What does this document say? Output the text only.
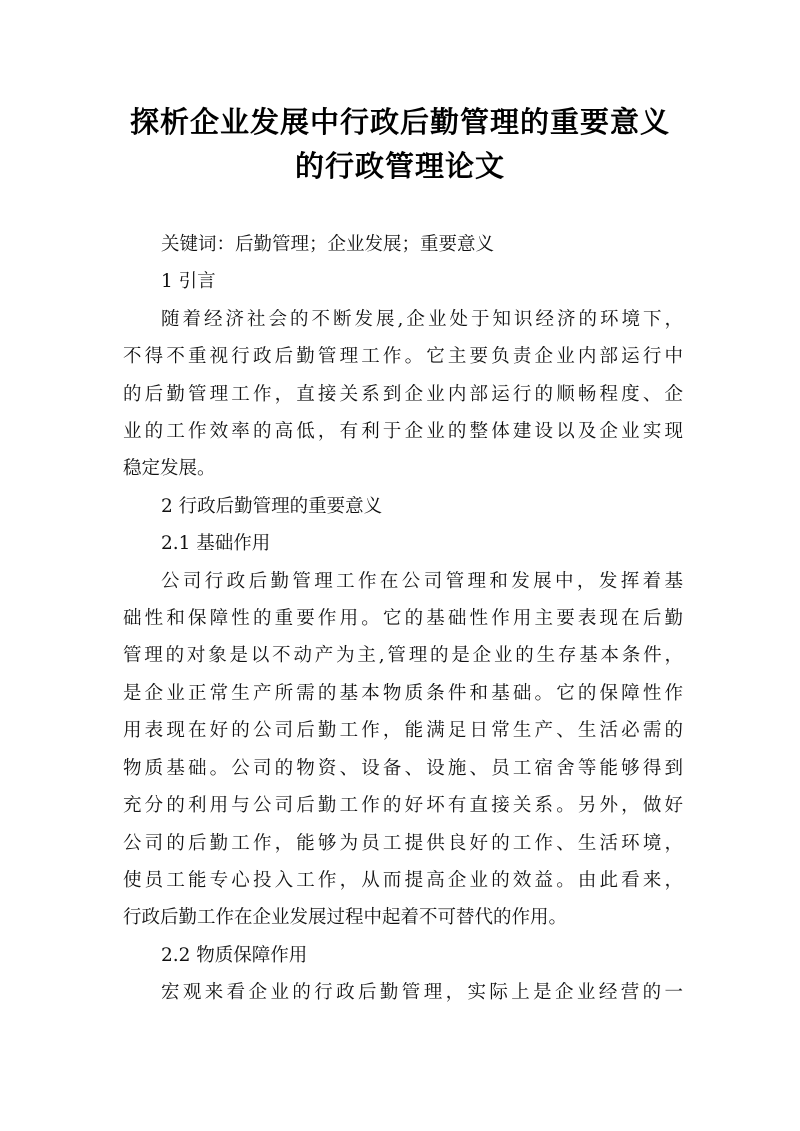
探析企业发展中行政后勤管理的重要意义
的行政管理论文

关键词：后勤管理；企业发展；重要意义

1 引言

随着经济社会的不断发展,企业处于知识经济的环境下，

不得不重视行政后勤管理工作。它主要负责企业内部运行中

的后勤管理工作，直接关系到企业内部运行的顺畅程度、企

业的工作效率的高低，有利于企业的整体建设以及企业实现

稳定发展。

2 行政后勤管理的重要意义

2.1 基础作用

公司行政后勤管理工作在公司管理和发展中，发挥着基

础性和保障性的重要作用。它的基础性作用主要表现在后勤

管理的对象是以不动产为主,管理的是企业的生存基本条件，

是企业正常生产所需的基本物质条件和基础。它的保障性作

用表现在好的公司后勤工作，能满足日常生产、生活必需的

物质基础。公司的物资、设备、设施、员工宿舍等能够得到

充分的利用与公司后勤工作的好坏有直接关系。另外，做好

公司的后勤工作，能够为员工提供良好的工作、生活环境，

使员工能专心投入工作，从而提高企业的效益。由此看来，

行政后勤工作在企业发展过程中起着不可替代的作用。

2.2 物质保障作用

宏观来看企业的行政后勤管理，实际上是企业经营的一
